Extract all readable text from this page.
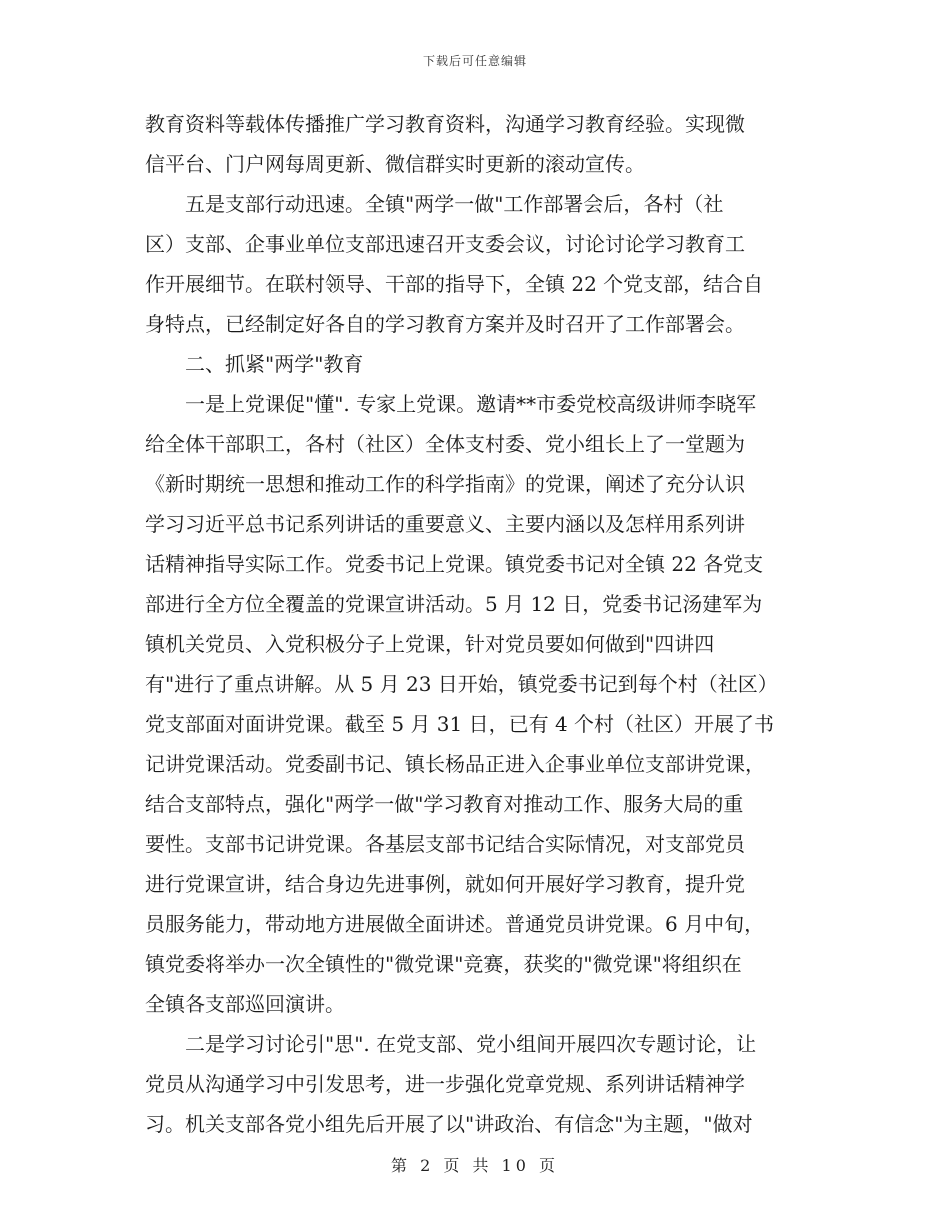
下载后可任意编辑
教育资料等载体传播推广学习教育资料，沟通学习教育经验。实现微
信平台、门户网每周更新、微信群实时更新的滚动宣传。
五是支部行动迅速。全镇"两学一做"工作部署会后，各村（社
区）支部、企事业单位支部迅速召开支委会议，讨论讨论学习教育工
作开展细节。在联村领导、干部的指导下，全镇 22 个党支部，结合自
身特点，已经制定好各自的学习教育方案并及时召开了工作部署会。
二、抓紧"两学"教育
一是上党课促"懂". 专家上党课。邀请**市委党校高级讲师李晓军
给全体干部职工，各村（社区）全体支村委、党小组长上了一堂题为
《新时期统一思想和推动工作的科学指南》的党课，阐述了充分认识
学习习近平总书记系列讲话的重要意义、主要内涵以及怎样用系列讲
话精神指导实际工作。党委书记上党课。镇党委书记对全镇 22 各党支
部进行全方位全覆盖的党课宣讲活动。5 月 12 日，党委书记汤建军为
镇机关党员、入党积极分子上党课，针对党员要如何做到"四讲四
有"进行了重点讲解。从 5 月 23 日开始，镇党委书记到每个村（社区）
党支部面对面讲党课。截至 5 月 31 日，已有 4 个村（社区）开展了书
记讲党课活动。党委副书记、镇长杨品正进入企事业单位支部讲党课，
结合支部特点，强化"两学一做"学习教育对推动工作、服务大局的重
要性。支部书记讲党课。各基层支部书记结合实际情况，对支部党员
进行党课宣讲，结合身边先进事例，就如何开展好学习教育，提升党
员服务能力，带动地方进展做全面讲述。普通党员讲党课。6 月中旬，
镇党委将举办一次全镇性的"微党课"竞赛，获奖的"微党课"将组织在
全镇各支部巡回演讲。
二是学习讨论引"思". 在党支部、党小组间开展四次专题讨论，让
党员从沟通学习中引发思考，进一步强化党章党规、系列讲话精神学
习。机关支部各党小组先后开展了以"讲政治、有信念"为主题，"做对
第 2 页 共 10 页
